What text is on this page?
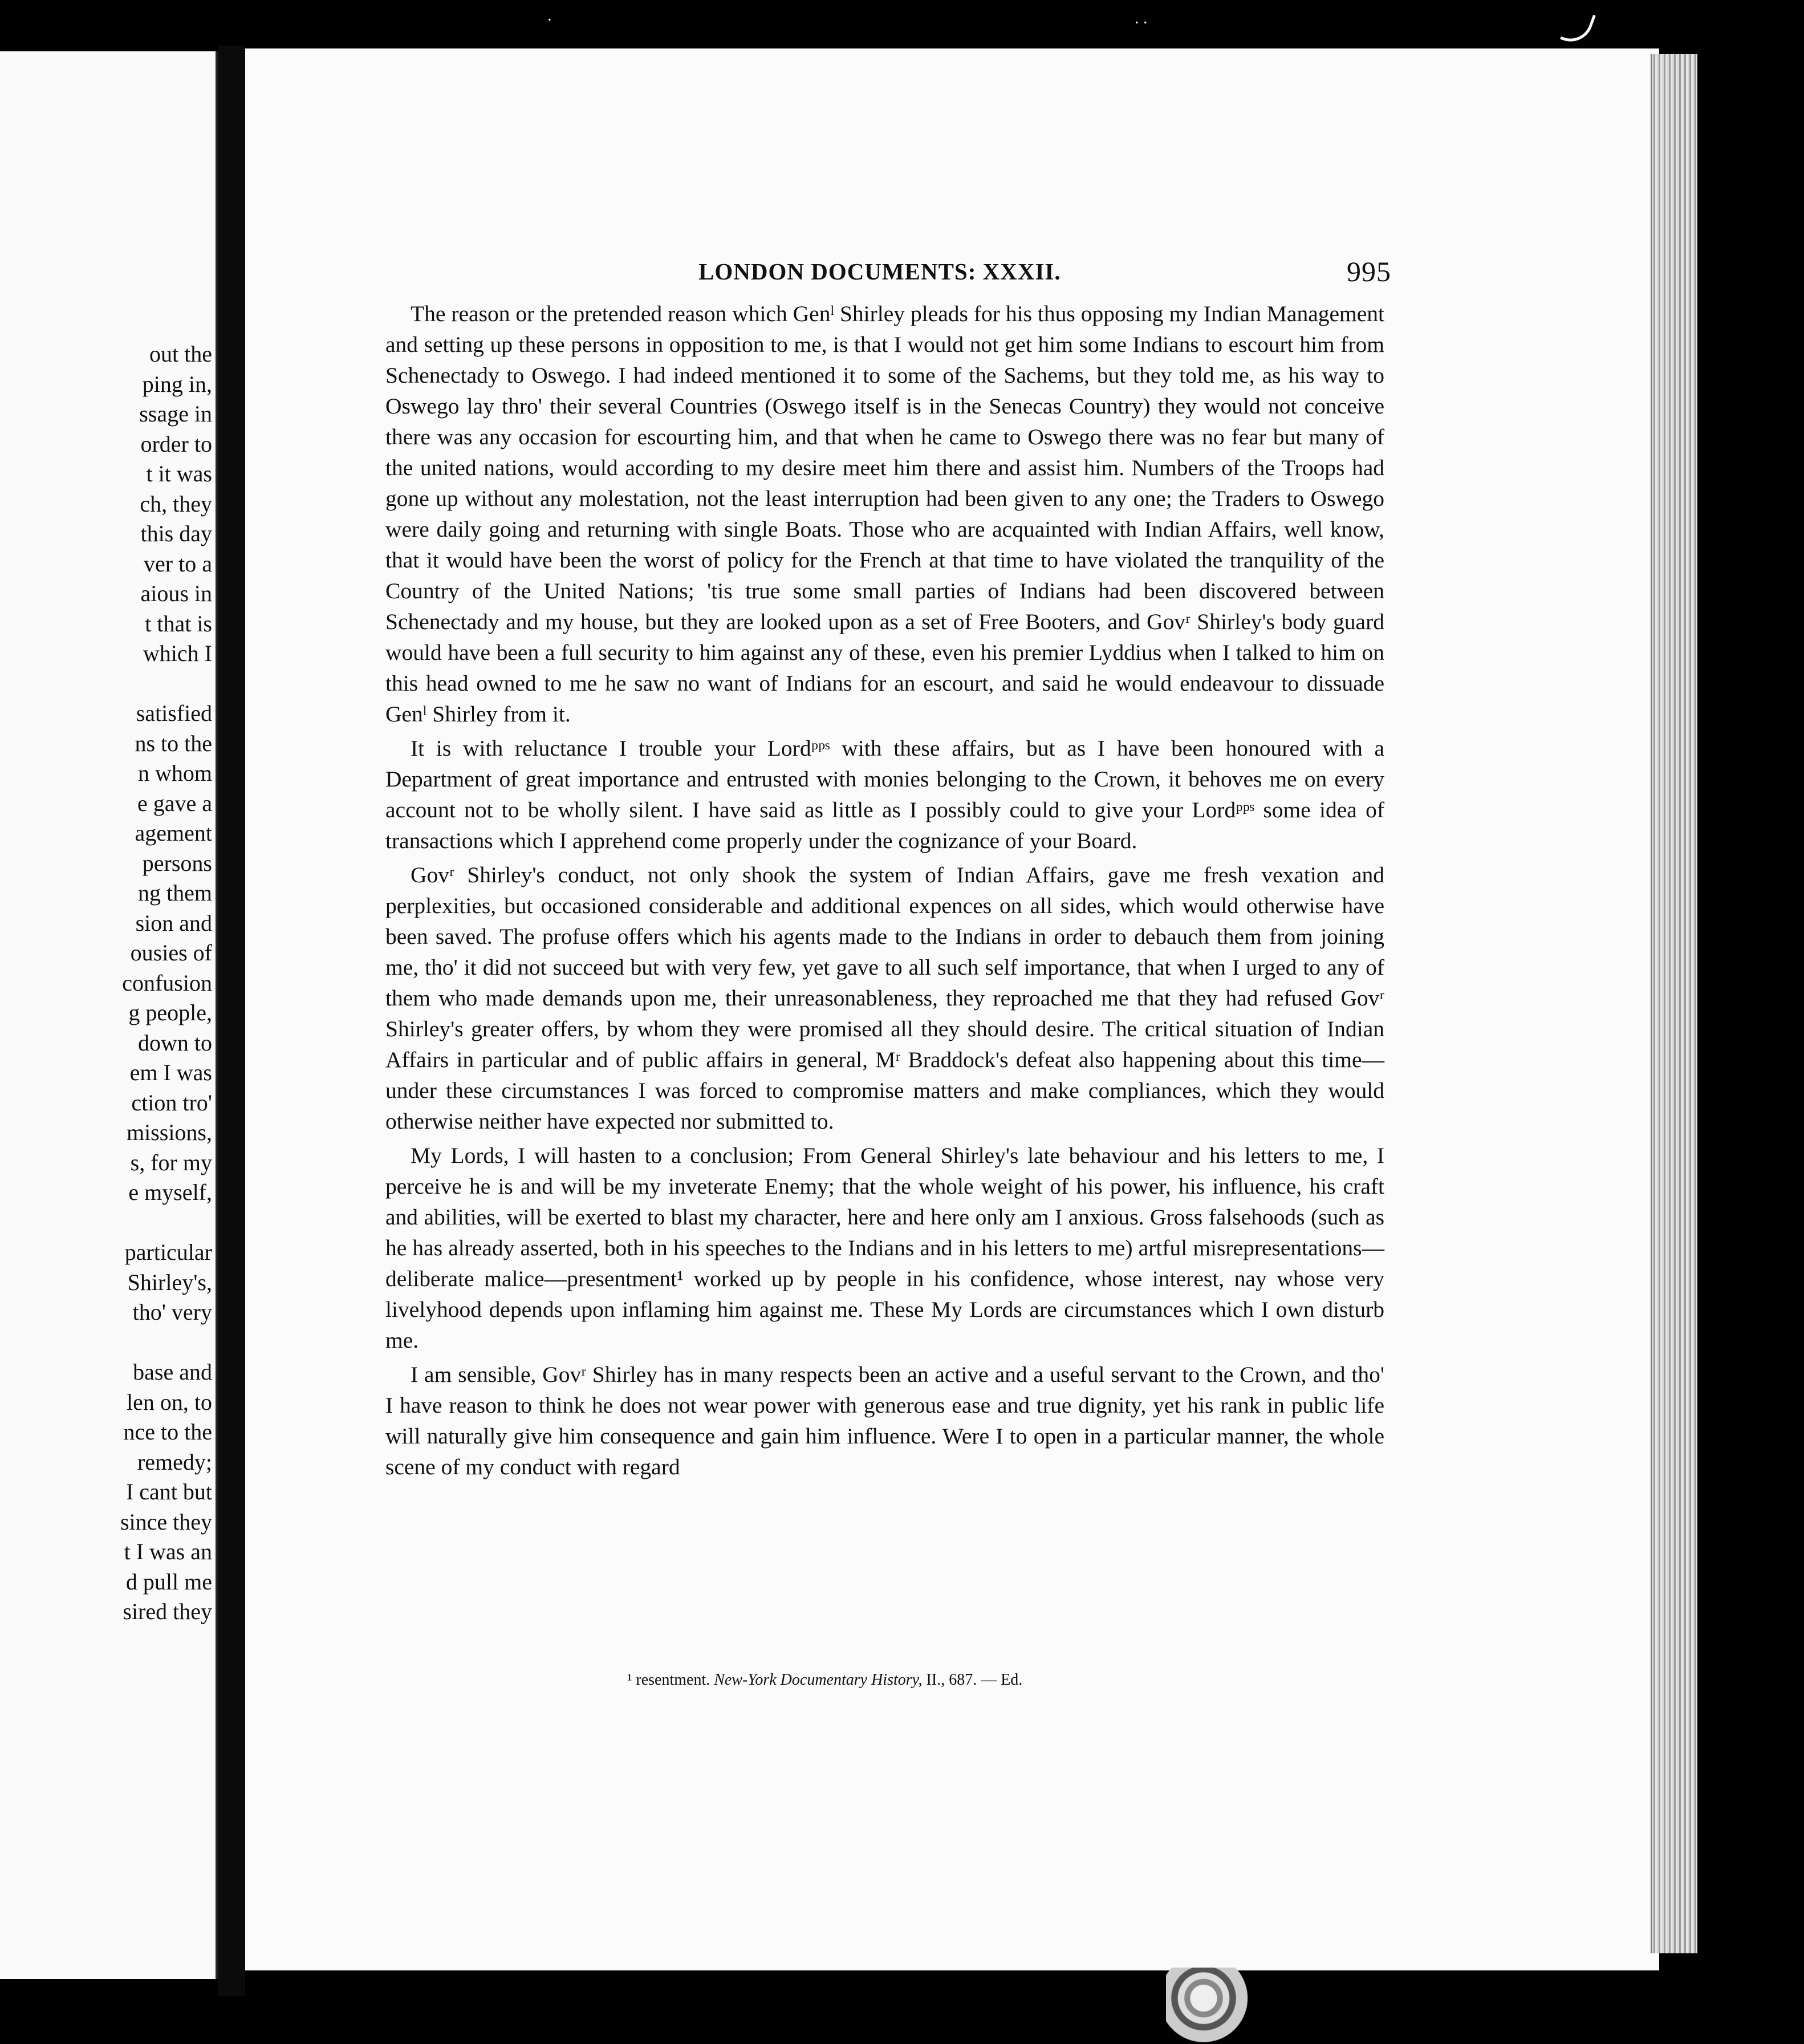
out the
ping in,
ssage in
order to
t it was
ch, they
this day
ver to a
aious in
t that is
which I
satisfied
ns to the
n whom
e gave a
agement
persons
ng them
sion and
ousies of
confusion
g people,
down to
em I was
ction tro'
missions,
s, for my
e myself,
particular
Shirley's,
tho' very
base and
len on, to
nce to the
remedy;
I cant but
since they
t I was an
d pull me
sired they
LONDON DOCUMENTS: XXXII.	995

The reason or the pretended reason which Genˡ Shirley pleads for his thus opposing my Indian Management and setting up these persons in opposition to me, is that I would not get him some Indians to escourt him from Schenectady to Oswego. I had indeed mentioned it to some of the Sachems, but they told me, as his way to Oswego lay thro' their several Countries (Oswego itself is in the Senecas Country) they would not conceive there was any occasion for escourting him, and that when he came to Oswego there was no fear but many of the united nations, would according to my desire meet him there and assist him. Numbers of the Troops had gone up without any molestation, not the least interruption had been given to any one; the Traders to Oswego were daily going and returning with single Boats. Those who are acquainted with Indian Affairs, well know, that it would have been the worst of policy for the French at that time to have violated the tranquility of the Country of the United Nations; 'tis true some small parties of Indians had been discovered between Schenectady and my house, but they are looked upon as a set of Free Booters, and Govʳ Shirley's body guard would have been a full security to him against any of these, even his premier Lyddius when I talked to him on this head owned to me he saw no want of Indians for an escourt, and said he would endeavour to dissuade Genˡ Shirley from it.

It is with reluctance I trouble your Lordᵖᵖˢ with these affairs, but as I have been honoured with a Department of great importance and entrusted with monies belonging to the Crown, it behoves me on every account not to be wholly silent. I have said as little as I possibly could to give your Lordᵖᵖˢ some idea of transactions which I apprehend come properly under the cognizance of your Board.

Govʳ Shirley's conduct, not only shook the system of Indian Affairs, gave me fresh vexation and perplexities, but occasioned considerable and additional expences on all sides, which would otherwise have been saved. The profuse offers which his agents made to the Indians in order to debauch them from joining me, tho' it did not succeed but with very few, yet gave to all such self importance, that when I urged to any of them who made demands upon me, their unreasonableness, they reproached me that they had refused Govʳ Shirley's greater offers, by whom they were promised all they should desire. The critical situation of Indian Affairs in particular and of public affairs in general, Mʳ Braddock's defeat also happening about this time—under these circumstances I was forced to compromise matters and make compliances, which they would otherwise neither have expected nor submitted to.

My Lords, I will hasten to a conclusion; From General Shirley's late behaviour and his letters to me, I perceive he is and will be my inveterate Enemy; that the whole weight of his power, his influence, his craft and abilities, will be exerted to blast my character, here and here only am I anxious. Gross falsehoods (such as he has already asserted, both in his speeches to the Indians and in his letters to me) artful misrepresentations—deliberate malice—presentment¹ worked up by people in his confidence, whose interest, nay whose very livelyhood depends upon inflaming him against me. These My Lords are circumstances which I own disturb me.

I am sensible, Govʳ Shirley has in many respects been an active and a useful servant to the Crown, and tho' I have reason to think he does not wear power with generous ease and true dignity, yet his rank in public life will naturally give him consequence and gain him influence. Were I to open in a particular manner, the whole scene of my conduct with regard

¹ resentment. New-York Documentary History, II., 687. — Ed.
.	. .
